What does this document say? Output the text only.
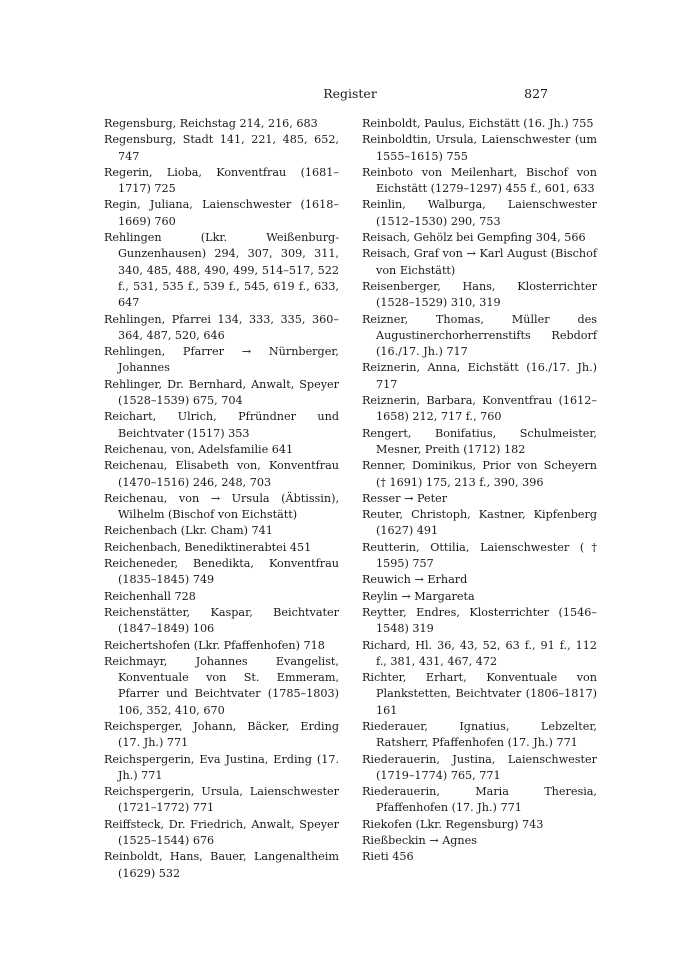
Register	827

Regensburg, Reichstag 214, 216, 683

Regensburg, Stadt 141, 221, 485, 652, 747

Regerin, Lioba, Konventfrau (1681–1717) 725

Regin, Juliana, Laienschwester (1618–1669) 760

Rehlingen (Lkr. Weißenburg-Gunzenhausen) 294, 307, 309, 311, 340, 485, 488, 490, 499, 514–517, 522 f., 531, 535 f., 539 f., 545, 619 f., 633, 647

Rehlingen, Pfarrei 134, 333, 335, 360–364, 487, 520, 646

Rehlingen, Pfarrer → Nürnberger, Johannes

Rehlinger, Dr. Bernhard, Anwalt, Speyer (1528–1539) 675, 704

Reichart, Ulrich, Pfründner und Beichtvater (1517) 353

Reichenau, von, Adelsfamilie 641

Reichenau, Elisabeth von, Konventfrau (1470–1516) 246, 248, 703

Reichenau, von → Ursula (Äbtissin), Wilhelm (Bischof von Eichstätt)

Reichenbach (Lkr. Cham) 741

Reichenbach, Benediktinerabtei 451

Reicheneder, Benedikta, Konventfrau (1835–1845) 749

Reichenhall 728

Reichenstätter, Kaspar, Beichtvater (1847–1849) 106

Reichertshofen (Lkr. Pfaffenhofen) 718

Reichmayr, Johannes Evangelist, Konventuale von St. Emmeram, Pfarrer und Beichtvater (1785–1803) 106, 352, 410, 670

Reichsperger, Johann, Bäcker, Erding (17. Jh.) 771

Reichspergerin, Eva Justina, Erding (17. Jh.) 771

Reichspergerin, Ursula, Laienschwester (1721–1772) 771

Reiffsteck, Dr. Friedrich, Anwalt, Speyer (1525–1544) 676

Reinboldt, Hans, Bauer, Langenaltheim (1629) 532

Reinboldt, Paulus, Eichstätt (16. Jh.) 755

Reinboldtin, Ursula, Laienschwester (um 1555–1615) 755

Reinboto von Meilenhart, Bischof von Eichstätt (1279–1297) 455 f., 601, 633

Reinlin, Walburga, Laienschwester (1512–1530) 290, 753

Reisach, Gehölz bei Gempfing 304, 566

Reisach, Graf von → Karl August (Bischof von Eichstätt)

Reisenberger, Hans, Klosterrichter (1528–1529) 310, 319

Reizner, Thomas, Müller des Augustinerchorherrenstifts Rebdorf (16./17. Jh.) 717

Reiznerin, Anna, Eichstätt (16./17. Jh.) 717

Reiznerin, Barbara, Konventfrau (1612–1658) 212, 717 f., 760

Rengert, Bonifatius, Schulmeister, Mesner, Preith (1712) 182

Renner, Dominikus, Prior von Scheyern († 1691) 175, 213 f., 390, 396

Resser → Peter

Reuter, Christoph, Kastner, Kipfenberg (1627) 491

Reutterin, Ottilia, Laienschwester († 1595) 757

Reuwich → Erhard

Reylin → Margareta

Reytter, Endres, Klosterrichter (1546–1548) 319

Richard, Hl. 36, 43, 52, 63 f., 91 f., 112 f., 381, 431, 467, 472

Richter, Erhart, Konventuale von Plankstetten, Beichtvater (1806–1817) 161

Riederauer, Ignatius, Lebzelter, Ratsherr, Pfaffenhofen (17. Jh.) 771

Riederauerin, Justina, Laienschwester (1719–1774) 765, 771

Riederauerin, Maria Theresia, Pfaffenhofen (17. Jh.) 771

Riekofen (Lkr. Regensburg) 743

Rießbeckin → Agnes

Rieti 456
